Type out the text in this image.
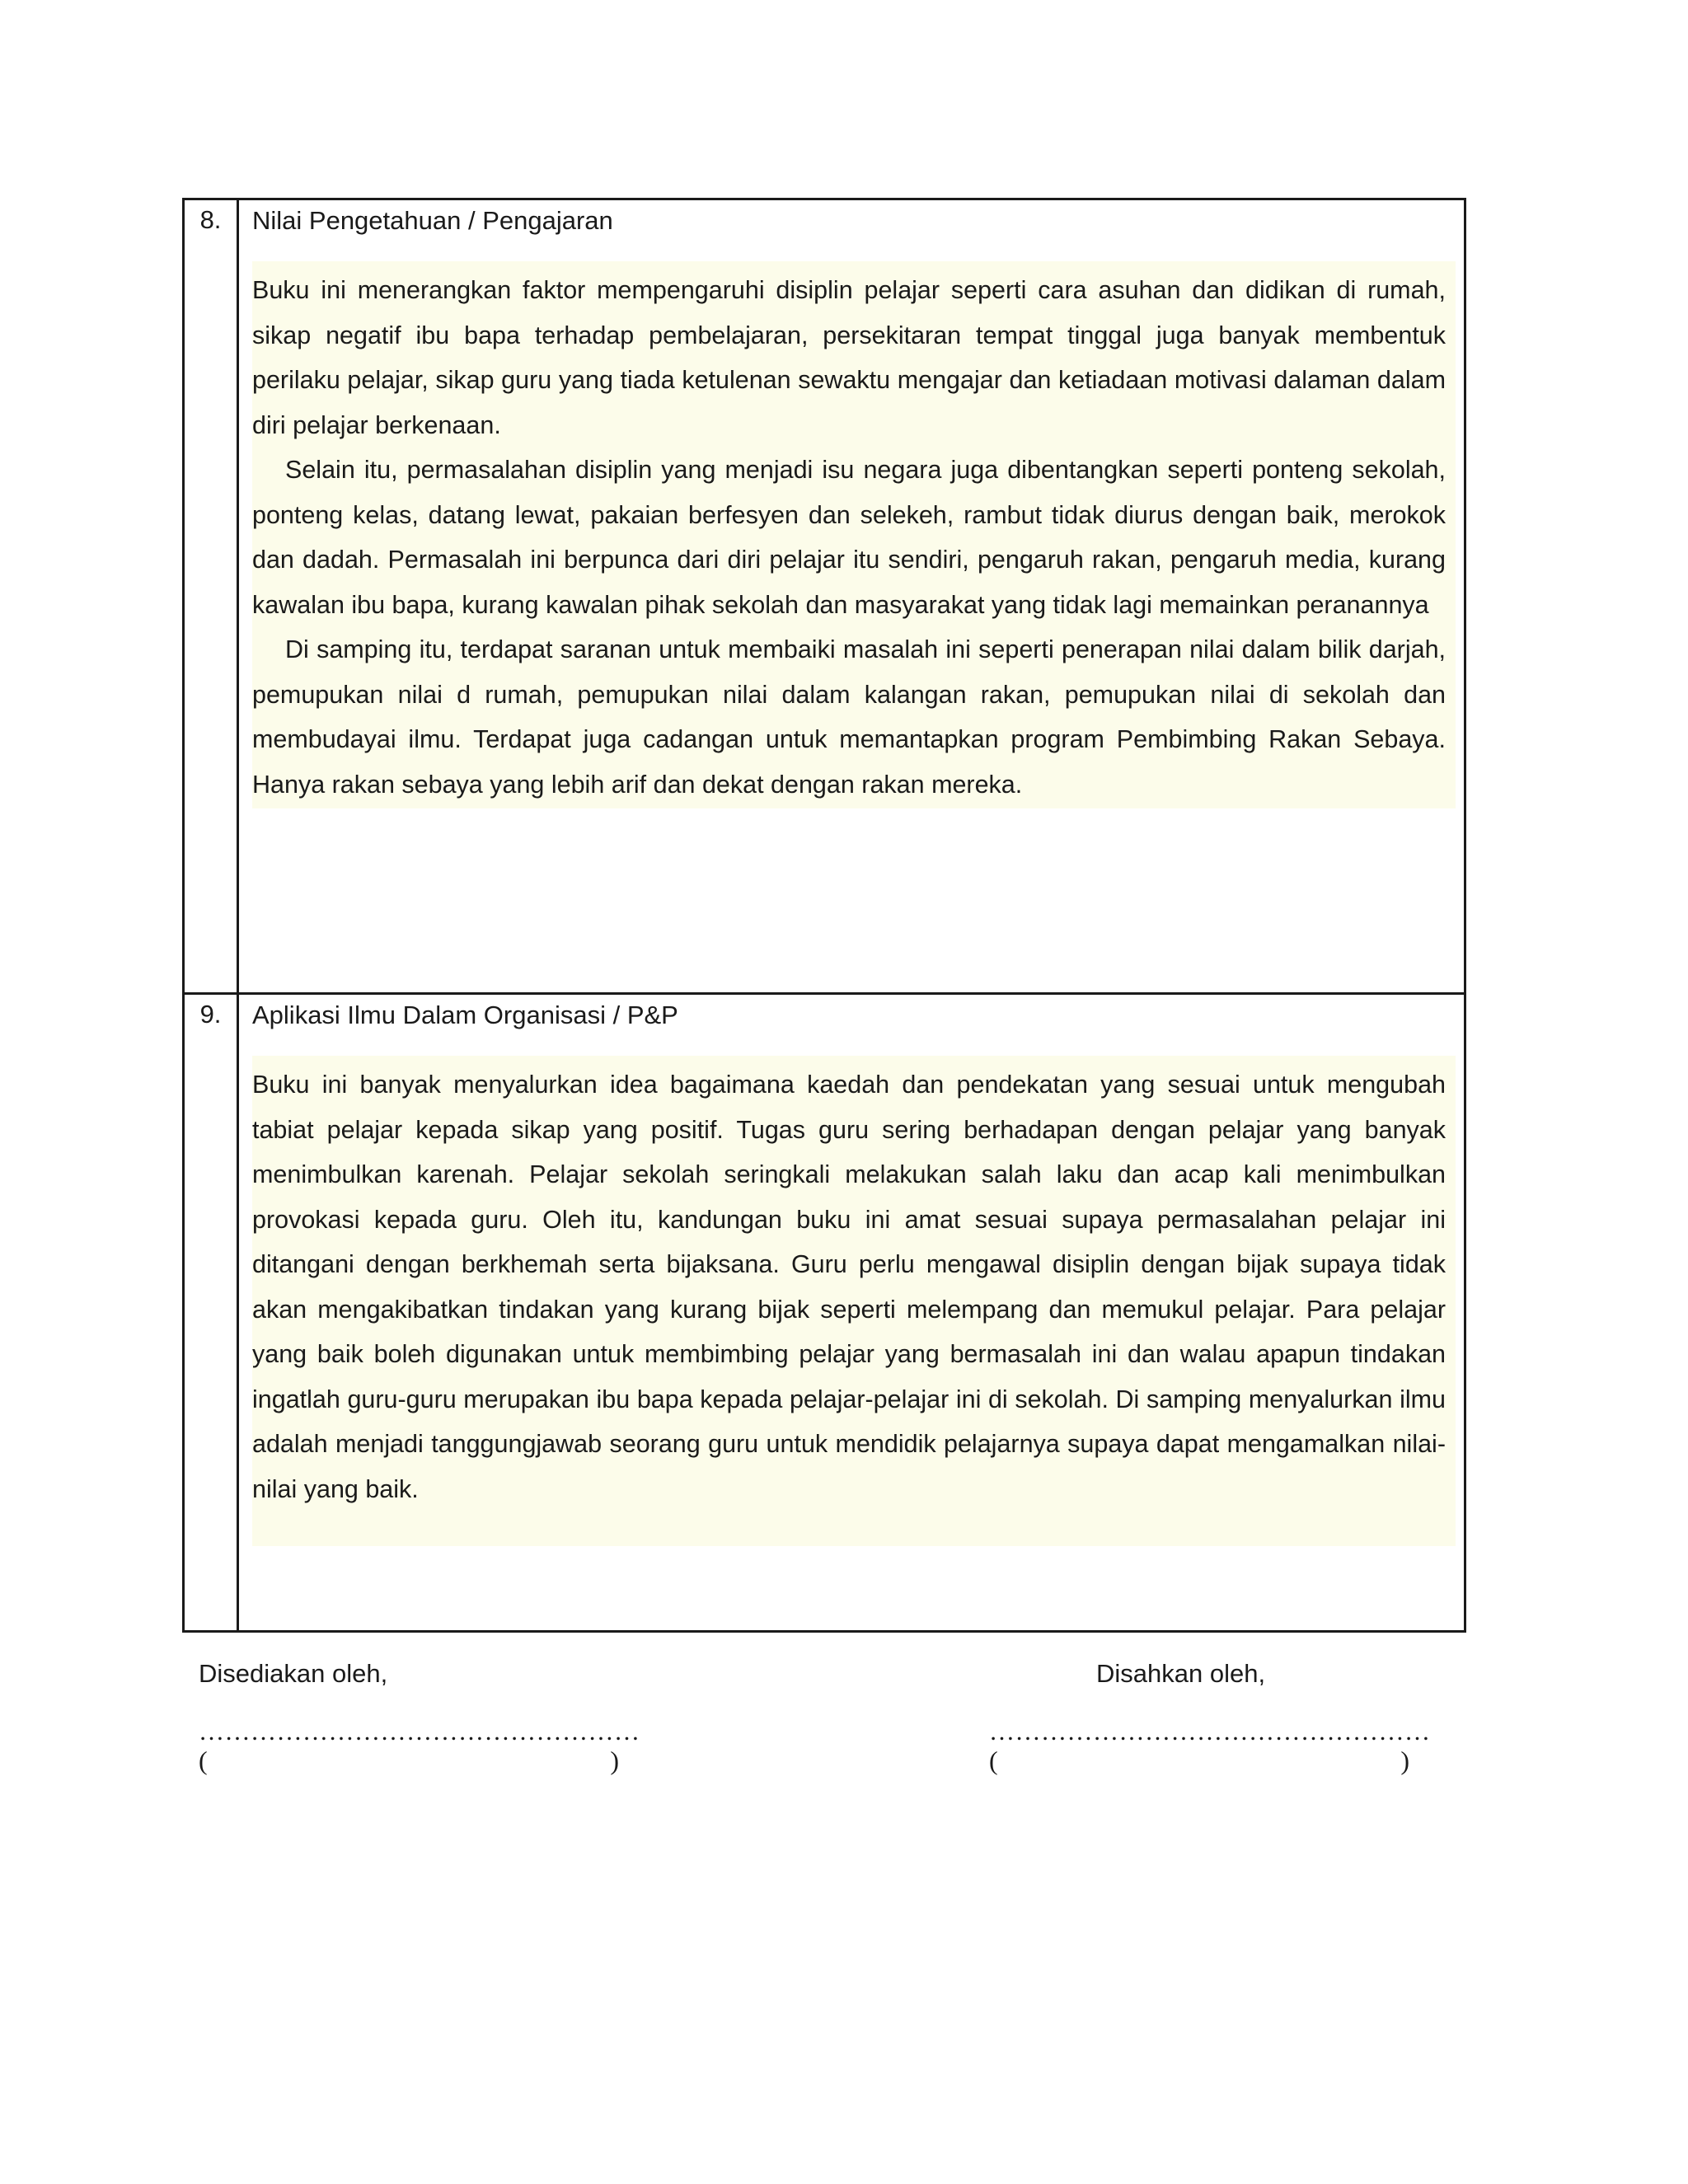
8.	Nilai Pengetahuan / Pengajaran

Buku ini menerangkan faktor mempengaruhi disiplin pelajar seperti cara asuhan dan didikan di rumah, sikap negatif ibu bapa terhadap pembelajaran, persekitaran tempat tinggal juga banyak membentuk perilaku pelajar, sikap guru yang tiada ketulenan sewaktu mengajar dan ketiadaan motivasi dalaman dalam diri pelajar berkenaan.

Selain itu, permasalahan disiplin yang menjadi isu negara juga dibentangkan seperti ponteng sekolah, ponteng kelas, datang lewat, pakaian berfesyen dan selekeh, rambut tidak diurus dengan baik, merokok dan dadah. Permasalah ini berpunca dari diri pelajar itu sendiri, pengaruh rakan, pengaruh media, kurang kawalan ibu bapa, kurang kawalan pihak sekolah dan masyarakat yang tidak lagi memainkan peranannya

Di samping itu, terdapat saranan untuk membaiki masalah ini seperti penerapan nilai dalam bilik darjah, pemupukan nilai d rumah, pemupukan nilai dalam kalangan rakan, pemupukan nilai di sekolah dan membudayai ilmu. Terdapat juga cadangan untuk memantapkan program Pembimbing Rakan Sebaya. Hanya rakan sebaya yang lebih arif dan dekat dengan rakan mereka.

9.	Aplikasi Ilmu Dalam Organisasi / P&P

Buku ini banyak menyalurkan idea bagaimana kaedah dan pendekatan yang sesuai untuk mengubah tabiat pelajar kepada sikap yang positif. Tugas guru sering berhadapan dengan pelajar yang banyak menimbulkan karenah. Pelajar sekolah seringkali melakukan salah laku dan acap kali menimbulkan provokasi kepada guru. Oleh itu, kandungan buku ini amat sesuai supaya permasalahan pelajar ini ditangani dengan berkhemah serta bijaksana. Guru perlu mengawal disiplin dengan bijak supaya tidak akan mengakibatkan tindakan yang kurang bijak seperti melempang dan memukul pelajar. Para pelajar yang baik boleh digunakan untuk membimbing pelajar yang bermasalah ini dan walau apapun tindakan ingatlah guru-guru merupakan ibu bapa kepada pelajar-pelajar ini di sekolah. Di samping menyalurkan ilmu adalah menjadi tanggungjawab seorang guru untuk mendidik pelajarnya supaya dapat mengamalkan nilai-nilai yang baik.

Disediakan oleh,

……………………………………………

(	)

Disahkan oleh,

……………………………………………

(	)
